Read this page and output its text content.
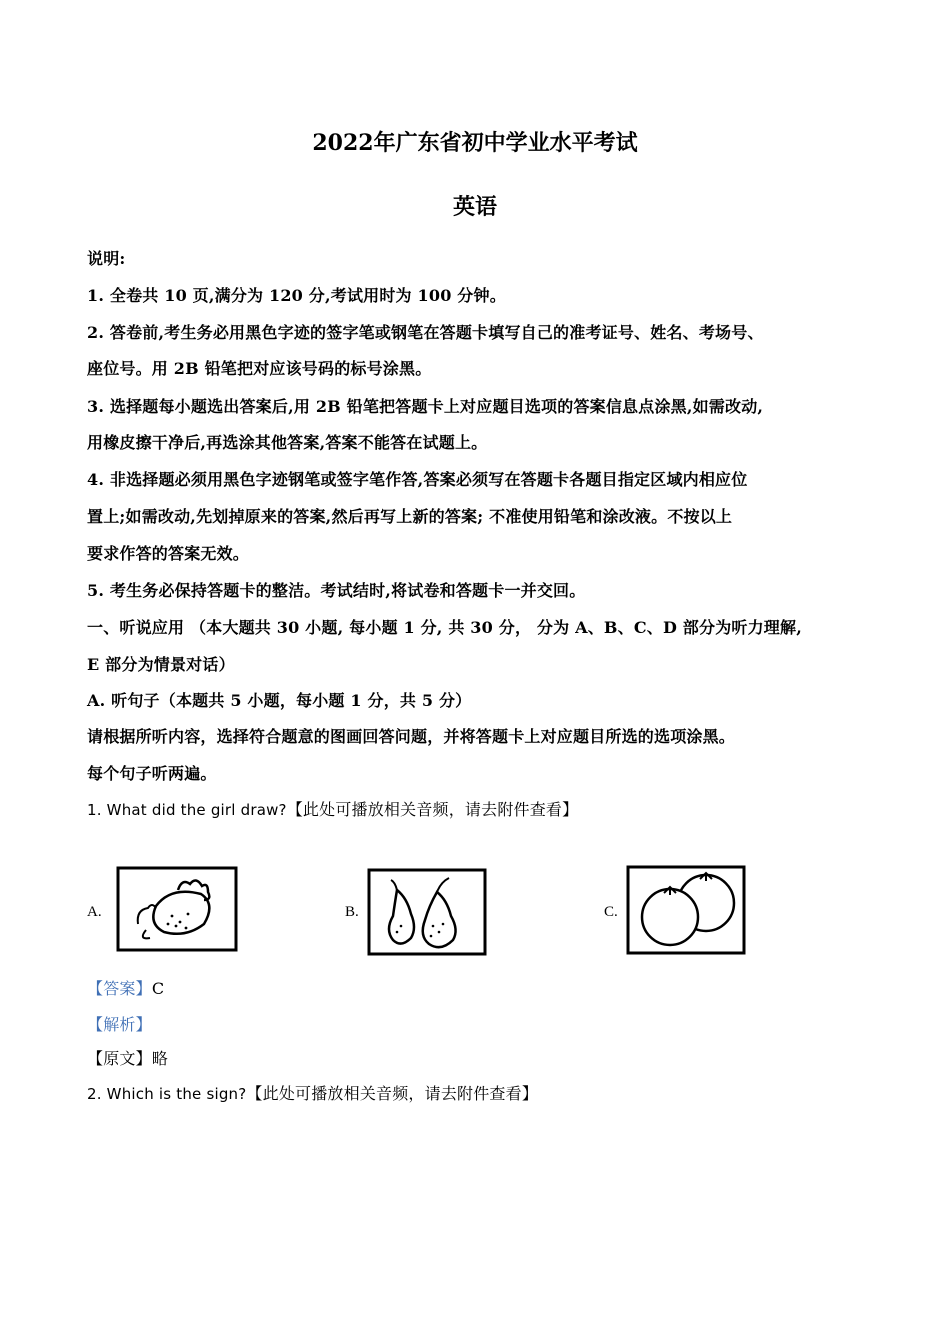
2022年广东省初中学业水平考试
英语
说明:
1. 全卷共 10 页,满分为 120 分,考试用时为 100 分钟。
2. 答卷前,考生务必用黑色字迹的签字笔或钢笔在答题卡填写自己的准考证号、姓名、考场号、
座位号。用 2B 铅笔把对应该号码的标号涂黑。
3. 选择题每小题选出答案后,用 2B 铅笔把答题卡上对应题目选项的答案信息点涂黑,如需改动,
用橡皮擦干净后,再选涂其他答案,答案不能答在试题上。
4. 非选择题必须用黑色字迹钢笔或签字笔作答,答案必须写在答题卡各题目指定区域内相应位
置上;如需改动,先划掉原来的答案,然后再写上新的答案; 不准使用铅笔和涂改液。不按以上
要求作答的答案无效。
5. 考生务必保持答题卡的整洁。考试结时,将试卷和答题卡一并交回。
一、听说应用 （本大题共 30 小题, 每小题 1 分, 共 30 分， 分为 A、B、C、D 部分为听力理解,
E 部分为情景对话）
A. 听句子（本题共 5 小题，每小题 1 分，共 5 分）
请根据所听内容，选择符合题意的图画回答问题，并将答题卡上对应题目所选的选项涂黑。
每个句子听两遍。
1. What did the girl draw?【此处可播放相关音频，请去附件查看】
A.	B.	C.
【答案】C
【解析】
【原文】略
2. Which is the sign?【此处可播放相关音频，请去附件查看】
